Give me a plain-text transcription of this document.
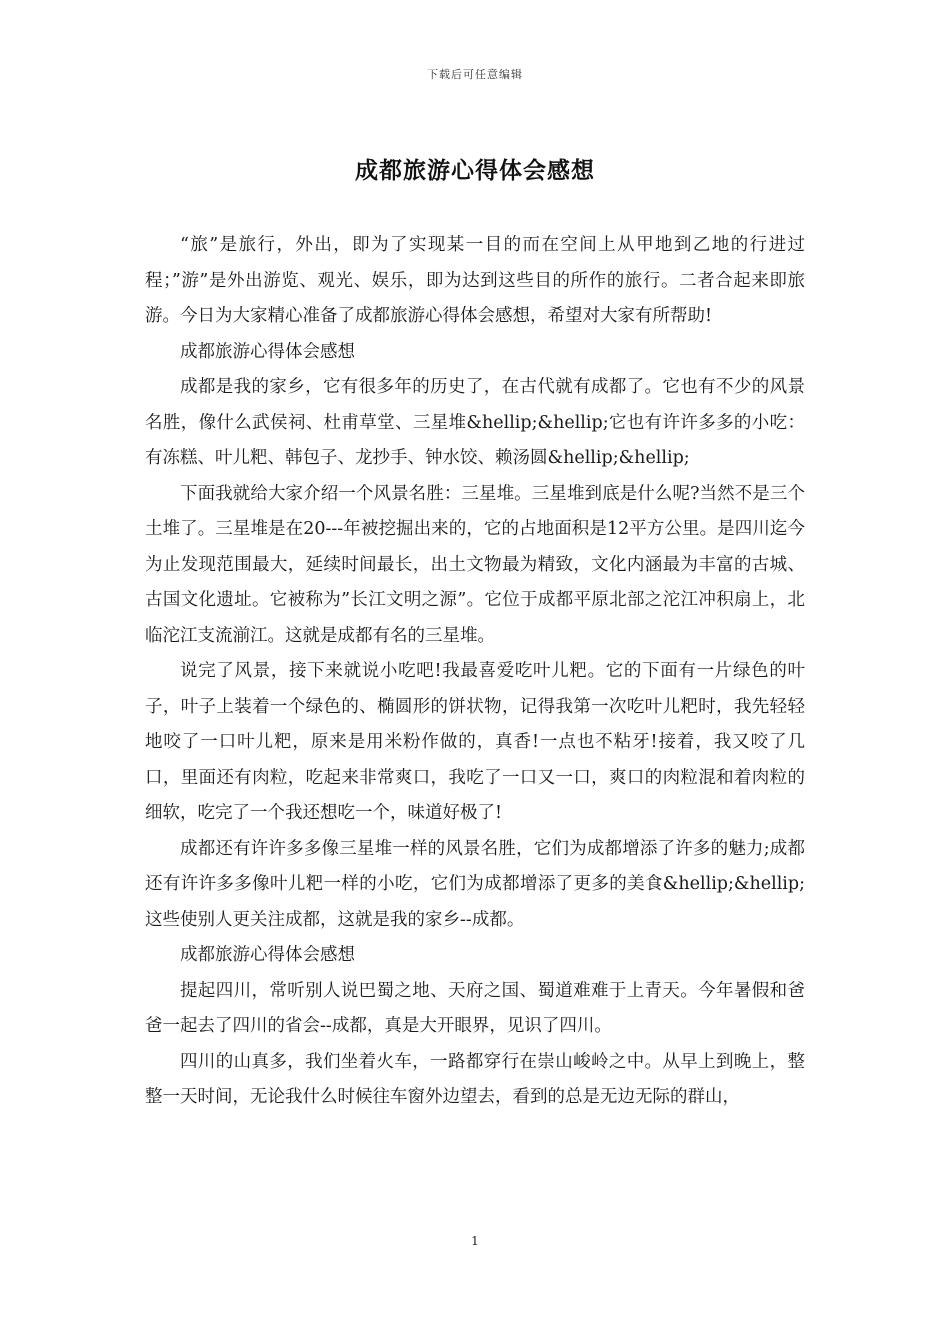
下载后可任意编辑
成都旅游心得体会感想

“旅”是旅行，外出，即为了实现某一目的而在空间上从甲地到乙地的行进过程；”游”是外出游览、观光、娱乐，即为达到这些目的所作的旅行。二者合起来即旅游。今日为大家精心准备了成都旅游心得体会感想，希望对大家有所帮助!

成都旅游心得体会感想

成都是我的家乡，它有很多年的历史了，在古代就有成都了。它也有不少的风景名胜，像什么武侯祠、杜甫草堂、三星堆&hellip;&hellip;它也有许许多多的小吃：有冻糕、叶儿粑、韩包子、龙抄手、钟水饺、赖汤圆&hellip;&hellip;

下面我就给大家介绍一个风景名胜：三星堆。三星堆到底是什么呢?当然不是三个土堆了。三星堆是在20---年被挖掘出来的，它的占地面积是12平方公里。是四川迄今为止发现范围最大，延续时间最长，出土文物最为精致，文化内涵最为丰富的古城、古国文化遗址。它被称为”长江文明之源”。它位于成都平原北部之沱江冲积扇上，北临沱江支流湔江。这就是成都有名的三星堆。

说完了风景，接下来就说小吃吧!我最喜爱吃叶儿粑。它的下面有一片绿色的叶子，叶子上装着一个绿色的、椭圆形的饼状物，记得我第一次吃叶儿粑时，我先轻轻地咬了一口叶儿粑，原来是用米粉作做的，真香!一点也不粘牙!接着，我又咬了几口，里面还有肉粒，吃起来非常爽口，我吃了一口又一口，爽口的肉粒混和着肉粒的细软，吃完了一个我还想吃一个，味道好极了!

成都还有许许多多像三星堆一样的风景名胜，它们为成都增添了许多的魅力;成都还有许许多多像叶儿粑一样的小吃，它们为成都增添了更多的美食&hellip;&hellip;这些使别人更关注成都，这就是我的家乡--成都。

成都旅游心得体会感想

提起四川，常听别人说巴蜀之地、天府之国、蜀道难难于上青天。今年暑假和爸爸一起去了四川的省会--成都，真是大开眼界，见识了四川。

四川的山真多，我们坐着火车，一路都穿行在崇山峻岭之中。从早上到晚上，整整一天时间，无论我什么时候往车窗外边望去，看到的总是无边无际的群山，

1
